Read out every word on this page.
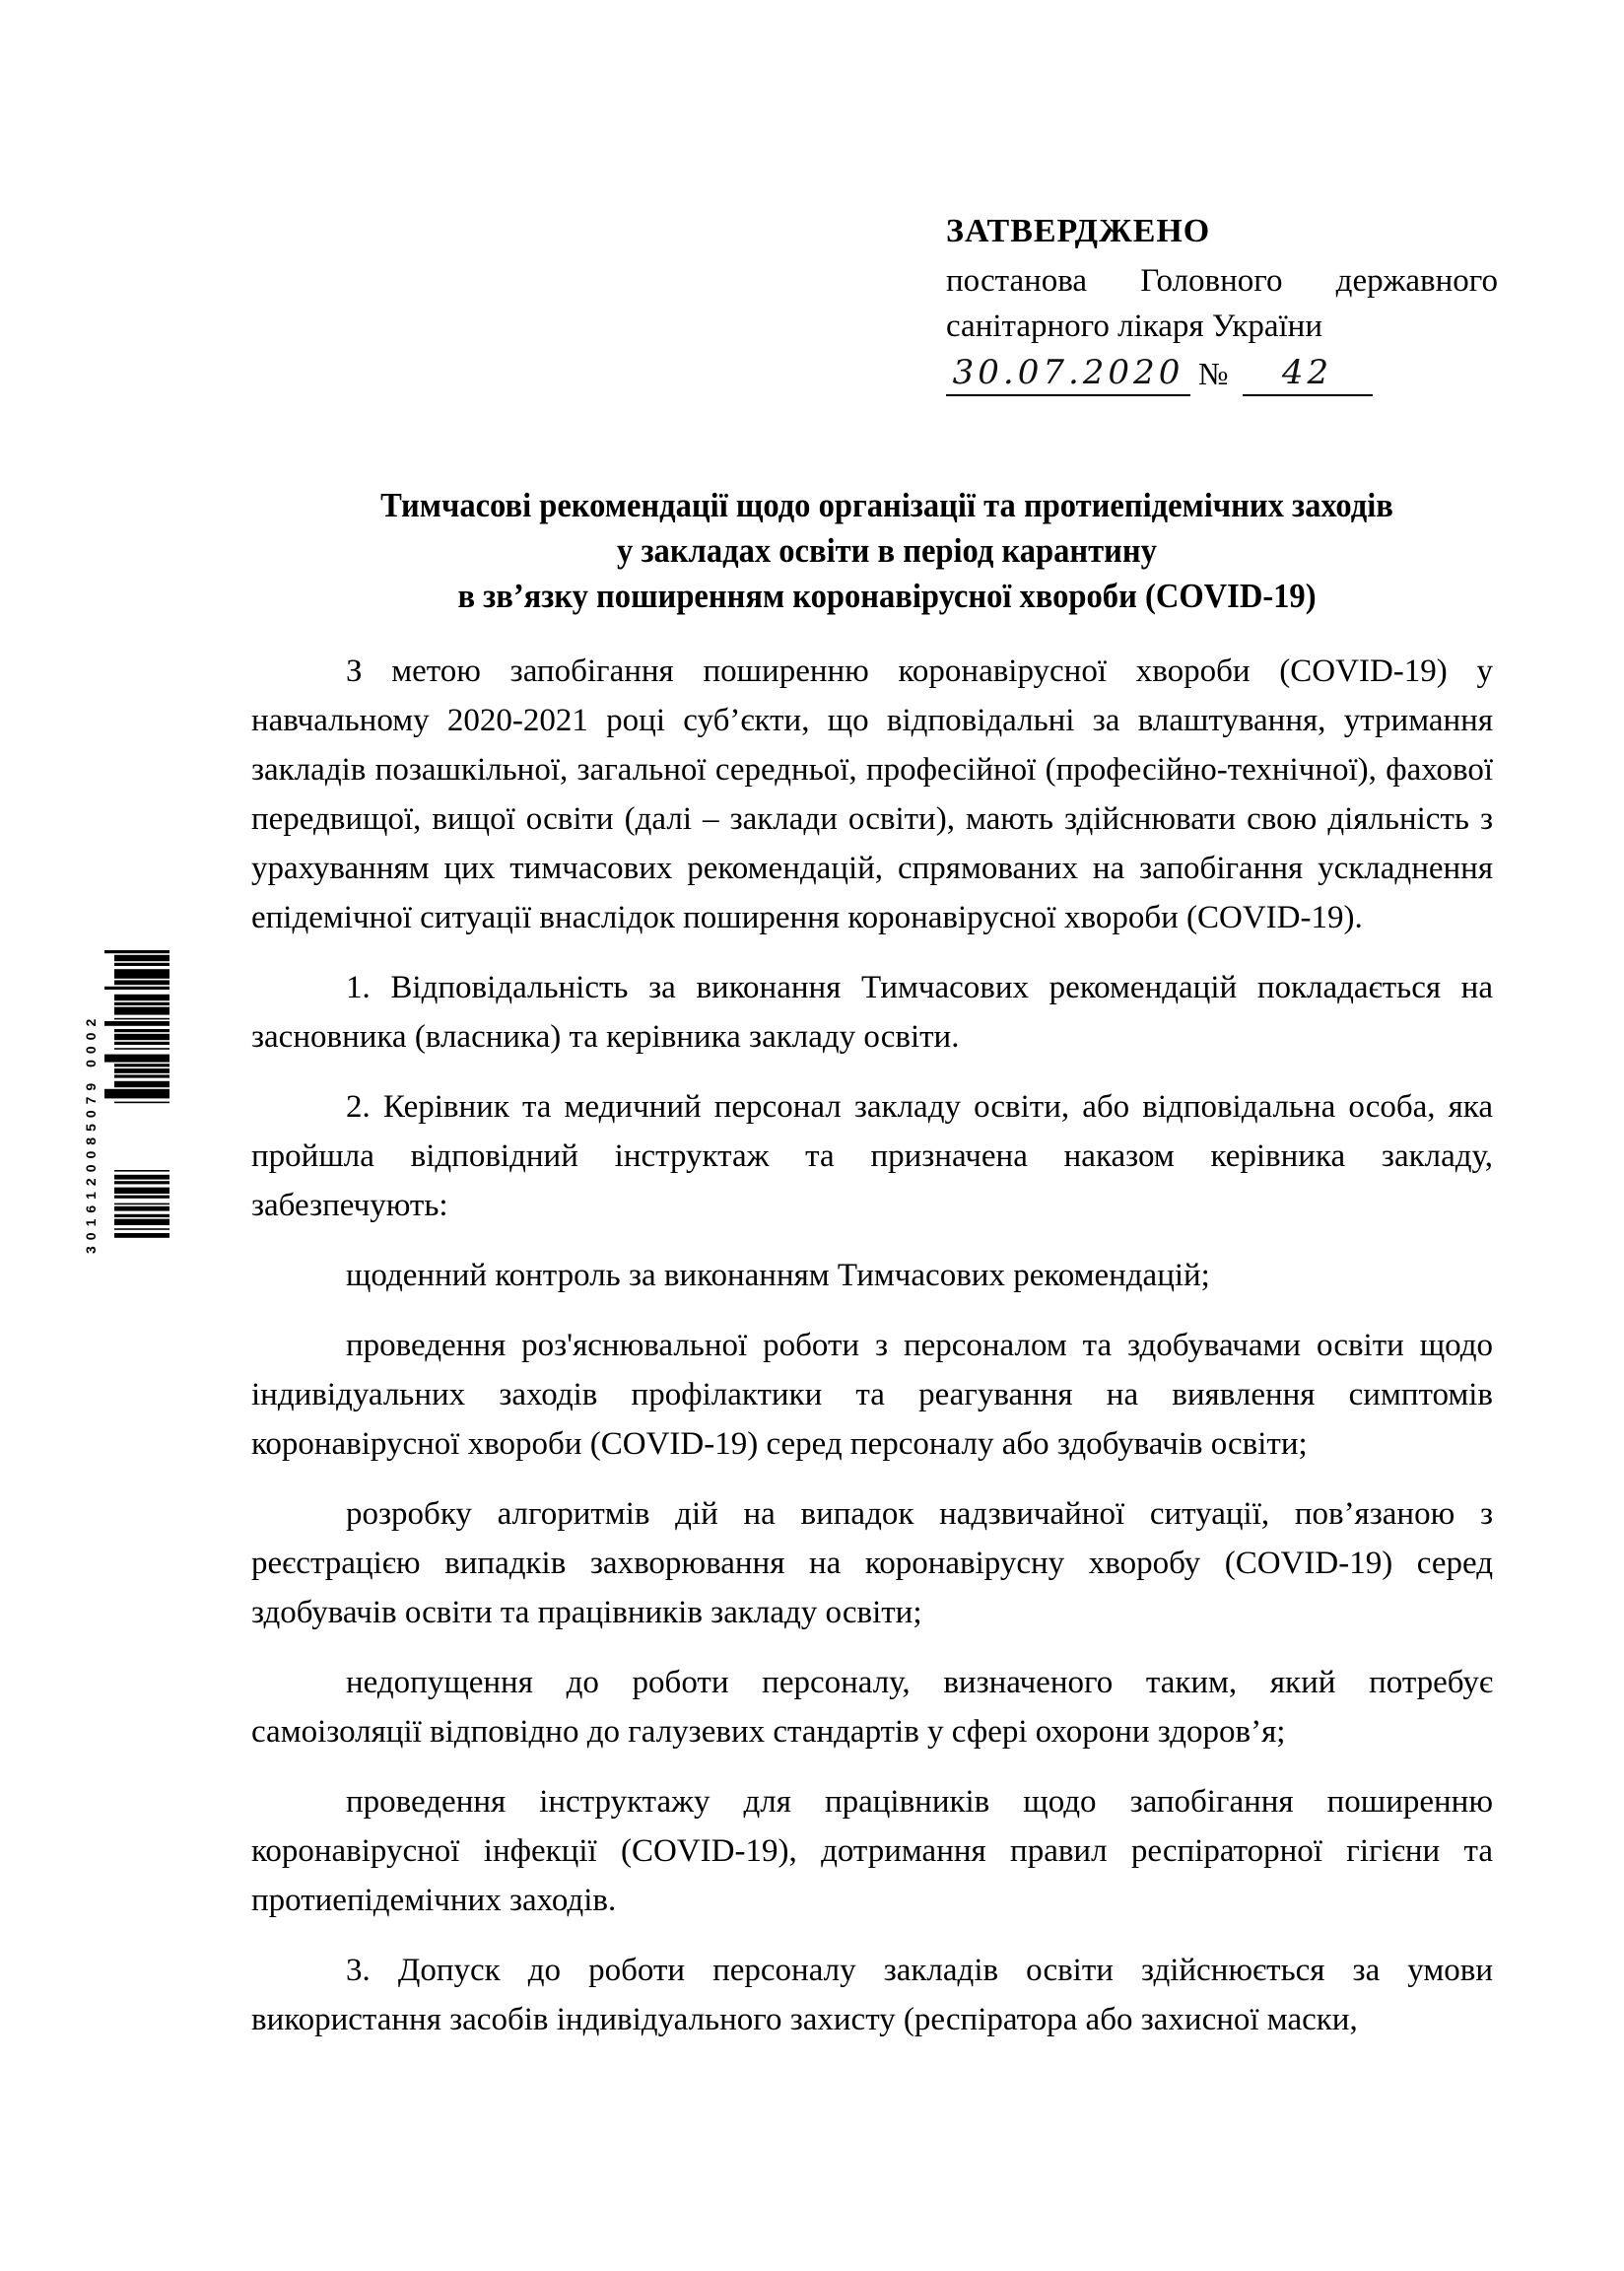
ЗАТВЕРДЖЕНО
постанова Головного державного
санітарного лікаря України
30.07.2020 №	42
Тимчасові рекомендації щодо організації та протиепідемічних заходів
у закладах освіти в період карантину
в зв’язку поширенням коронавірусної хвороби (COVID-19)

З метою запобігання поширенню коронавірусної хвороби (COVID-19) у навчальному 2020-2021 році суб’єкти, що відповідальні за влаштування, утримання закладів позашкільної, загальної середньої, професійної (професійно-технічної), фахової передвищої, вищої освіти (далі – заклади освіти), мають здійснювати свою діяльність з урахуванням цих тимчасових рекомендацій, спрямованих на запобігання ускладнення епідемічної ситуації внаслідок поширення коронавірусної хвороби (COVID-19).

1. Відповідальність за виконання Тимчасових рекомендацій покладається на засновника (власника) та керівника закладу освіти.

2. Керівник та медичний персонал закладу освіти, або відповідальна особа, яка пройшла відповідний інструктаж та призначена наказом керівника закладу, забезпечують:

щоденний контроль за виконанням Тимчасових рекомендацій;

проведення роз'яснювальної роботи з персоналом та здобувачами освіти щодо індивідуальних заходів профілактики та реагування на виявлення симптомів коронавірусної хвороби (COVID-19) серед персоналу або здобувачів освіти;

розробку алгоритмів дій на випадок надзвичайної ситуації, пов’язаною з реєстрацією випадків захворювання на коронавірусну хворобу (COVID-19) серед здобувачів освіти та працівників закладу освіти;

недопущення до роботи персоналу, визначеного таким, який потребує самоізоляції відповідно до галузевих стандартів у сфері охорони здоров’я;

проведення інструктажу для працівників щодо запобігання поширенню коронавірусної інфекції (COVID-19), дотримання правил респіраторної гігієни та протиепідемічних заходів.

3. Допуск до роботи персоналу закладів освіти здійснюється за умови використання засобів індивідуального захисту (респіратора або захисної маски,

3016120085079 0002
